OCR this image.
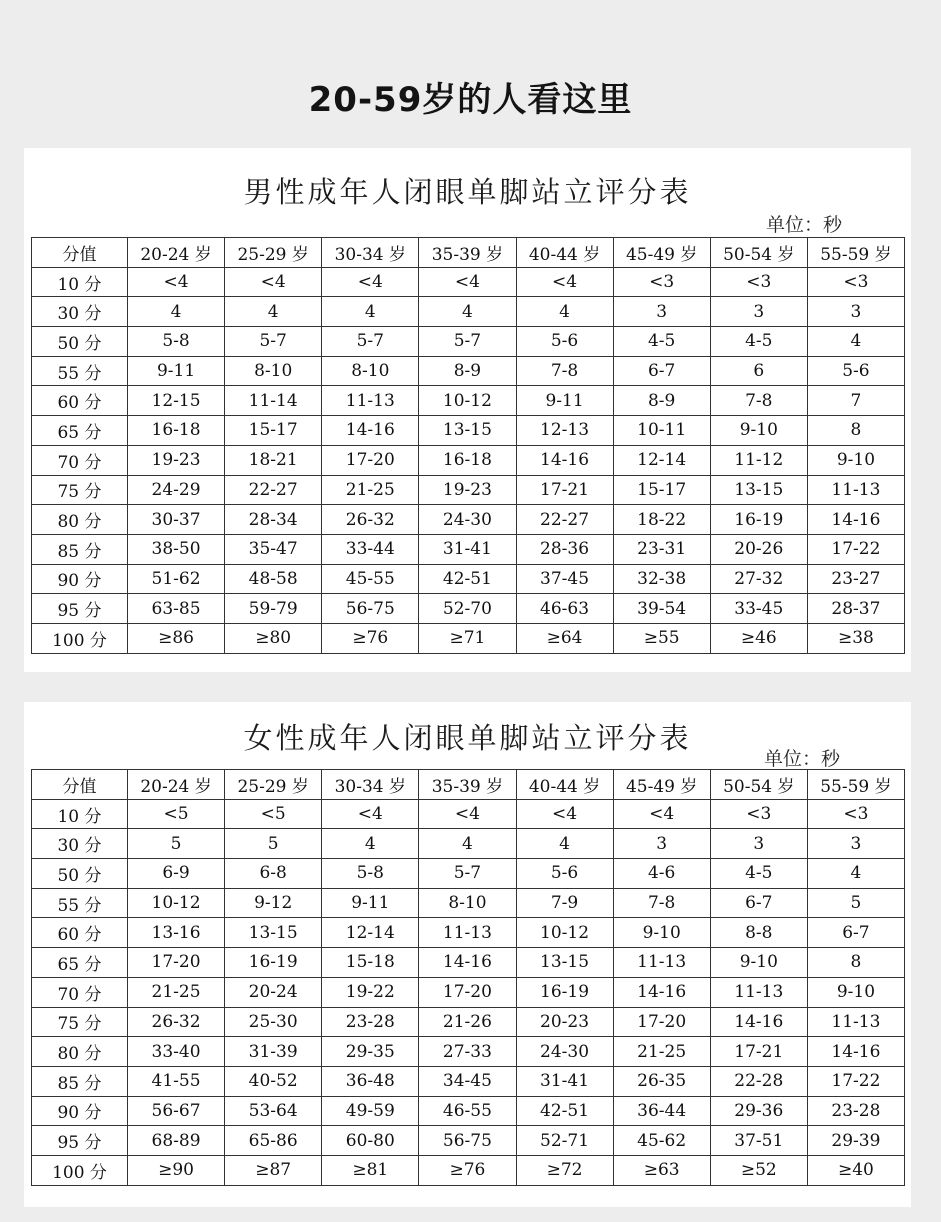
20-59岁的人看这里
男性成年人闭眼单脚站立评分表
单位：秒
分值	20-24 岁	25-29 岁	30-34 岁	35-39 岁	40-44 岁	45-49 岁	50-54 岁	55-59 岁
10 分	<4	<4	<4	<4	<4	<3	<3	<3
30 分	4	4	4	4	4	3	3	3
50 分	5-8	5-7	5-7	5-7	5-6	4-5	4-5	4
55 分	9-11	8-10	8-10	8-9	7-8	6-7	6	5-6
60 分	12-15	11-14	11-13	10-12	9-11	8-9	7-8	7
65 分	16-18	15-17	14-16	13-15	12-13	10-11	9-10	8
70 分	19-23	18-21	17-20	16-18	14-16	12-14	11-12	9-10
75 分	24-29	22-27	21-25	19-23	17-21	15-17	13-15	11-13
80 分	30-37	28-34	26-32	24-30	22-27	18-22	16-19	14-16
85 分	38-50	35-47	33-44	31-41	28-36	23-31	20-26	17-22
90 分	51-62	48-58	45-55	42-51	37-45	32-38	27-32	23-27
95 分	63-85	59-79	56-75	52-70	46-63	39-54	33-45	28-37
100 分	≥86	≥80	≥76	≥71	≥64	≥55	≥46	≥38
女性成年人闭眼单脚站立评分表
单位：秒
分值	20-24 岁	25-29 岁	30-34 岁	35-39 岁	40-44 岁	45-49 岁	50-54 岁	55-59 岁
10 分	<5	<5	<4	<4	<4	<4	<3	<3
30 分	5	5	4	4	4	3	3	3
50 分	6-9	6-8	5-8	5-7	5-6	4-6	4-5	4
55 分	10-12	9-12	9-11	8-10	7-9	7-8	6-7	5
60 分	13-16	13-15	12-14	11-13	10-12	9-10	8-8	6-7
65 分	17-20	16-19	15-18	14-16	13-15	11-13	9-10	8
70 分	21-25	20-24	19-22	17-20	16-19	14-16	11-13	9-10
75 分	26-32	25-30	23-28	21-26	20-23	17-20	14-16	11-13
80 分	33-40	31-39	29-35	27-33	24-30	21-25	17-21	14-16
85 分	41-55	40-52	36-48	34-45	31-41	26-35	22-28	17-22
90 分	56-67	53-64	49-59	46-55	42-51	36-44	29-36	23-28
95 分	68-89	65-86	60-80	56-75	52-71	45-62	37-51	29-39
100 分	≥90	≥87	≥81	≥76	≥72	≥63	≥52	≥40
